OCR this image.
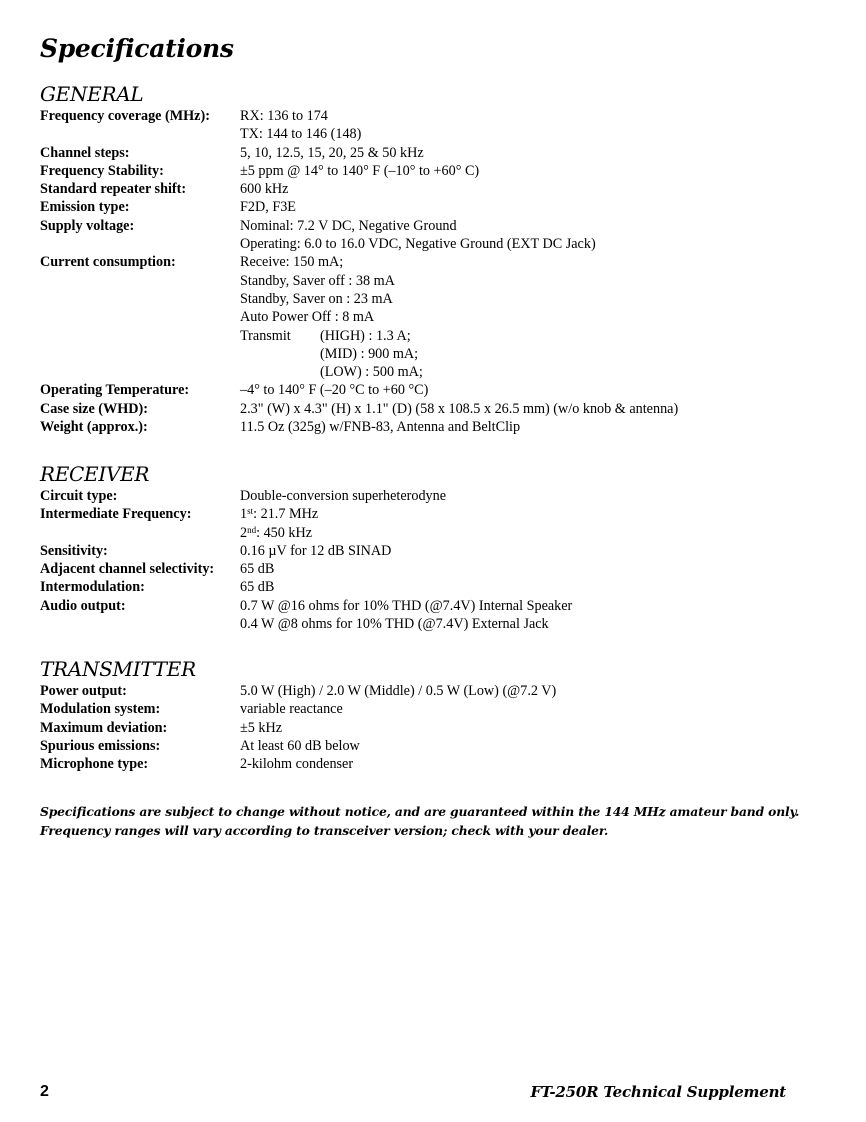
Specifications
GENERAL
Frequency coverage (MHz):	RX: 136 to 174
TX: 144 to 146 (148)
Channel steps:	5, 10, 12.5, 15, 20, 25 & 50 kHz
Frequency Stability:	±5 ppm @ 14° to 140° F (–10° to +60° C)
Standard repeater shift:	600 kHz
Emission type:	F2D, F3E
Supply voltage:	Nominal: 7.2 V DC, Negative Ground
Operating: 6.0 to 16.0 VDC, Negative Ground (EXT DC Jack)
Current consumption:	Receive: 150 mA;
Standby, Saver off : 38 mA
Standby, Saver on : 23 mA
Auto Power Off : 8 mA
Transmit	(HIGH) : 1.3 A;
(MID) : 900 mA;
(LOW) : 500 mA;
Operating Temperature:	–4° to 140° F (–20 °C to +60 °C)
Case size (WHD):	2.3" (W) x 4.3" (H) x 1.1" (D) (58 x 108.5 x 26.5 mm) (w/o knob & antenna)
Weight (approx.):	11.5 Oz (325g) w/FNB-83, Antenna and BeltClip
RECEIVER
Circuit type:	Double-conversion superheterodyne
Intermediate Frequency:	1st: 21.7 MHz
2nd: 450 kHz
Sensitivity:	0.16 µV for 12 dB SINAD
Adjacent channel selectivity:	65 dB
Intermodulation:	65 dB
Audio output:	0.7 W @16 ohms for 10% THD (@7.4V) Internal Speaker
0.4 W @8 ohms for 10% THD (@7.4V) External Jack
TRANSMITTER
Power output:	5.0 W (High) / 2.0 W (Middle) / 0.5 W (Low) (@7.2 V)
Modulation system:	variable reactance
Maximum deviation:	±5 kHz
Spurious emissions:	At least 60 dB below
Microphone type:	2-kilohm condenser
Specifications are subject to change without notice, and are guaranteed within the 144 MHz amateur band only. Frequency ranges will vary according to transceiver version; check with your dealer.
2	FT-250R Technical Supplement
